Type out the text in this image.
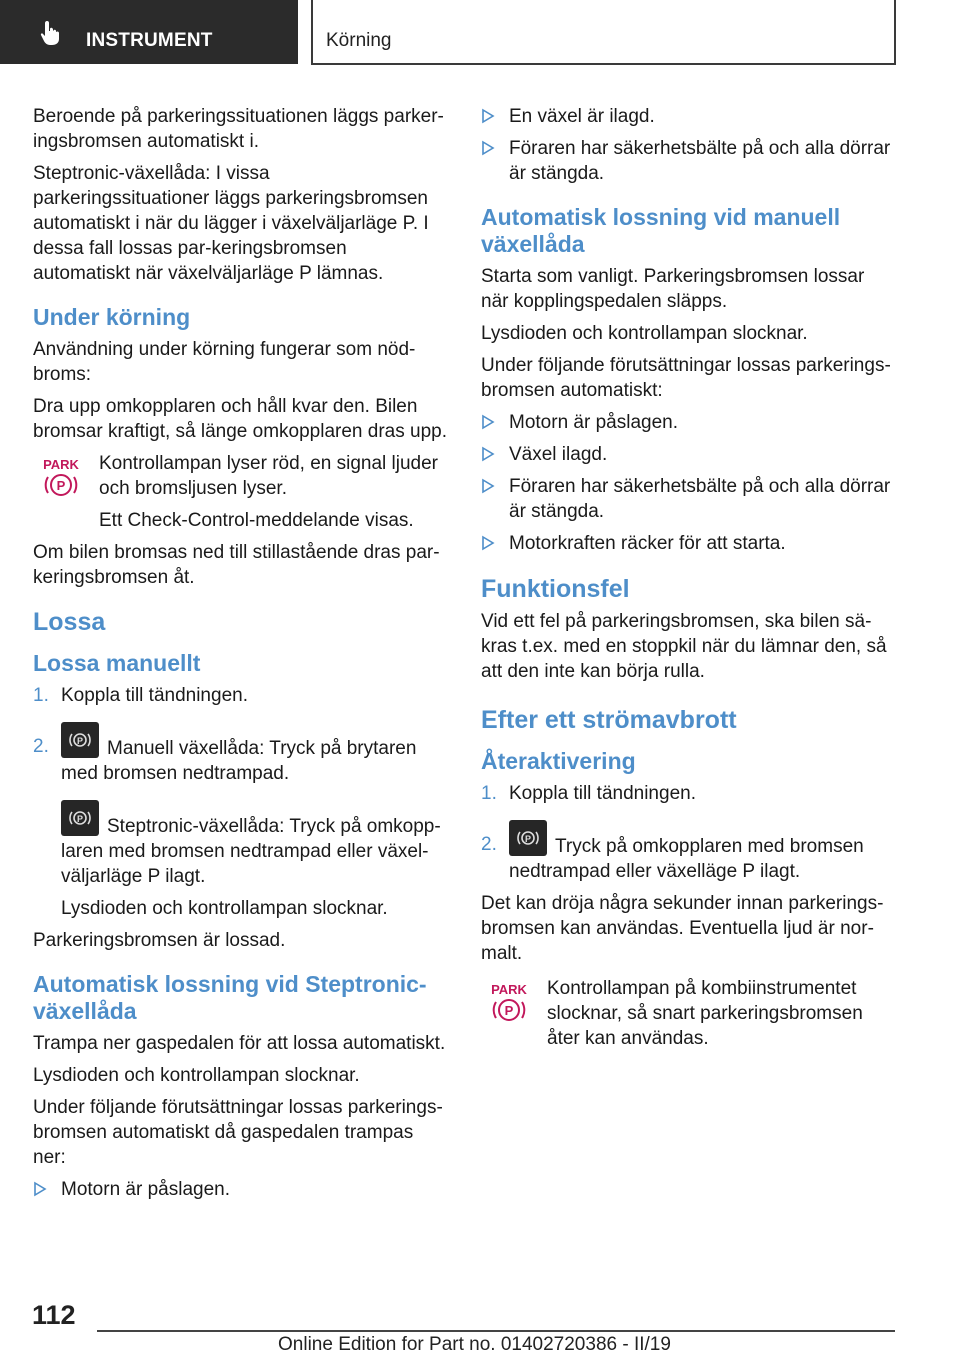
INSTRUMENT	Körning

Beroende på parkeringssituationen läggs parker‐ingsbromsen automatiskt i.

Steptronic-växellåda: I vissa parkeringssituationer läggs parkeringsbromsen automatiskt i när du lägger i växelväljarläge P. I dessa fall lossas par‐keringsbromsen automatiskt när växelväljarläge P lämnas.

Under körning

Användning under körning fungerar som nöd‐broms:

Dra upp omkopplaren och håll kvar den. Bilen bromsar kraftigt, så länge omkopplaren dras upp.

PARK
P

Kontrollampan lyser röd, en signal ljuder och bromsljusen lyser.

Ett Check-Control-meddelande visas.

Om bilen bromsas ned till stillastående dras par‐keringsbromsen åt.

Lossa
Lossa manuellt
1. Koppla till tändningen.
2.	P Manuell växellåda: Tryck på brytaren med bromsen nedtrampad.

P Steptronic-växellåda: Tryck på omkopp‐laren med bromsen nedtrampad eller växel‐väljarläge P ilagt.

Lysdioden och kontrollampan slocknar.

Parkeringsbromsen är lossad.

Automatisk lossning vid Steptronic-växellåda

Trampa ner gaspedalen för att lossa automatiskt.

Lysdioden och kontrollampan slocknar.

Under följande förutsättningar lossas parkerings‐bromsen automatiskt då gaspedalen trampas ner:

Motorn är påslagen.
En växel är ilagd.
Föraren har säkerhetsbälte på och alla dörrar är stängda.
Automatisk lossning vid manuell växellåda

Starta som vanligt. Parkeringsbromsen lossar när kopplingspedalen släpps.

Lysdioden och kontrollampan slocknar.

Under följande förutsättningar lossas parkerings‐bromsen automatiskt:

Motorn är påslagen.
Växel ilagd.
Föraren har säkerhetsbälte på och alla dörrar är stängda.
Motorkraften räcker för att starta.
Funktionsfel

Vid ett fel på parkeringsbromsen, ska bilen sä‐kras t.ex. med en stoppkil när du lämnar den, så att den inte kan börja rulla.

Efter ett strömavbrott
Återaktivering
1. Koppla till tändningen.
2.	P Tryck på omkopplaren med bromsen nedtrampad eller växelläge P ilagt.

Det kan dröja några sekunder innan parkerings‐bromsen kan användas. Eventuella ljud är nor‐malt.

PARK
P

Kontrollampan på kombiinstrumentet slocknar, så snart parkeringsbromsen åter kan användas.

112
Online Edition for Part no. 01402720386 - II/19
